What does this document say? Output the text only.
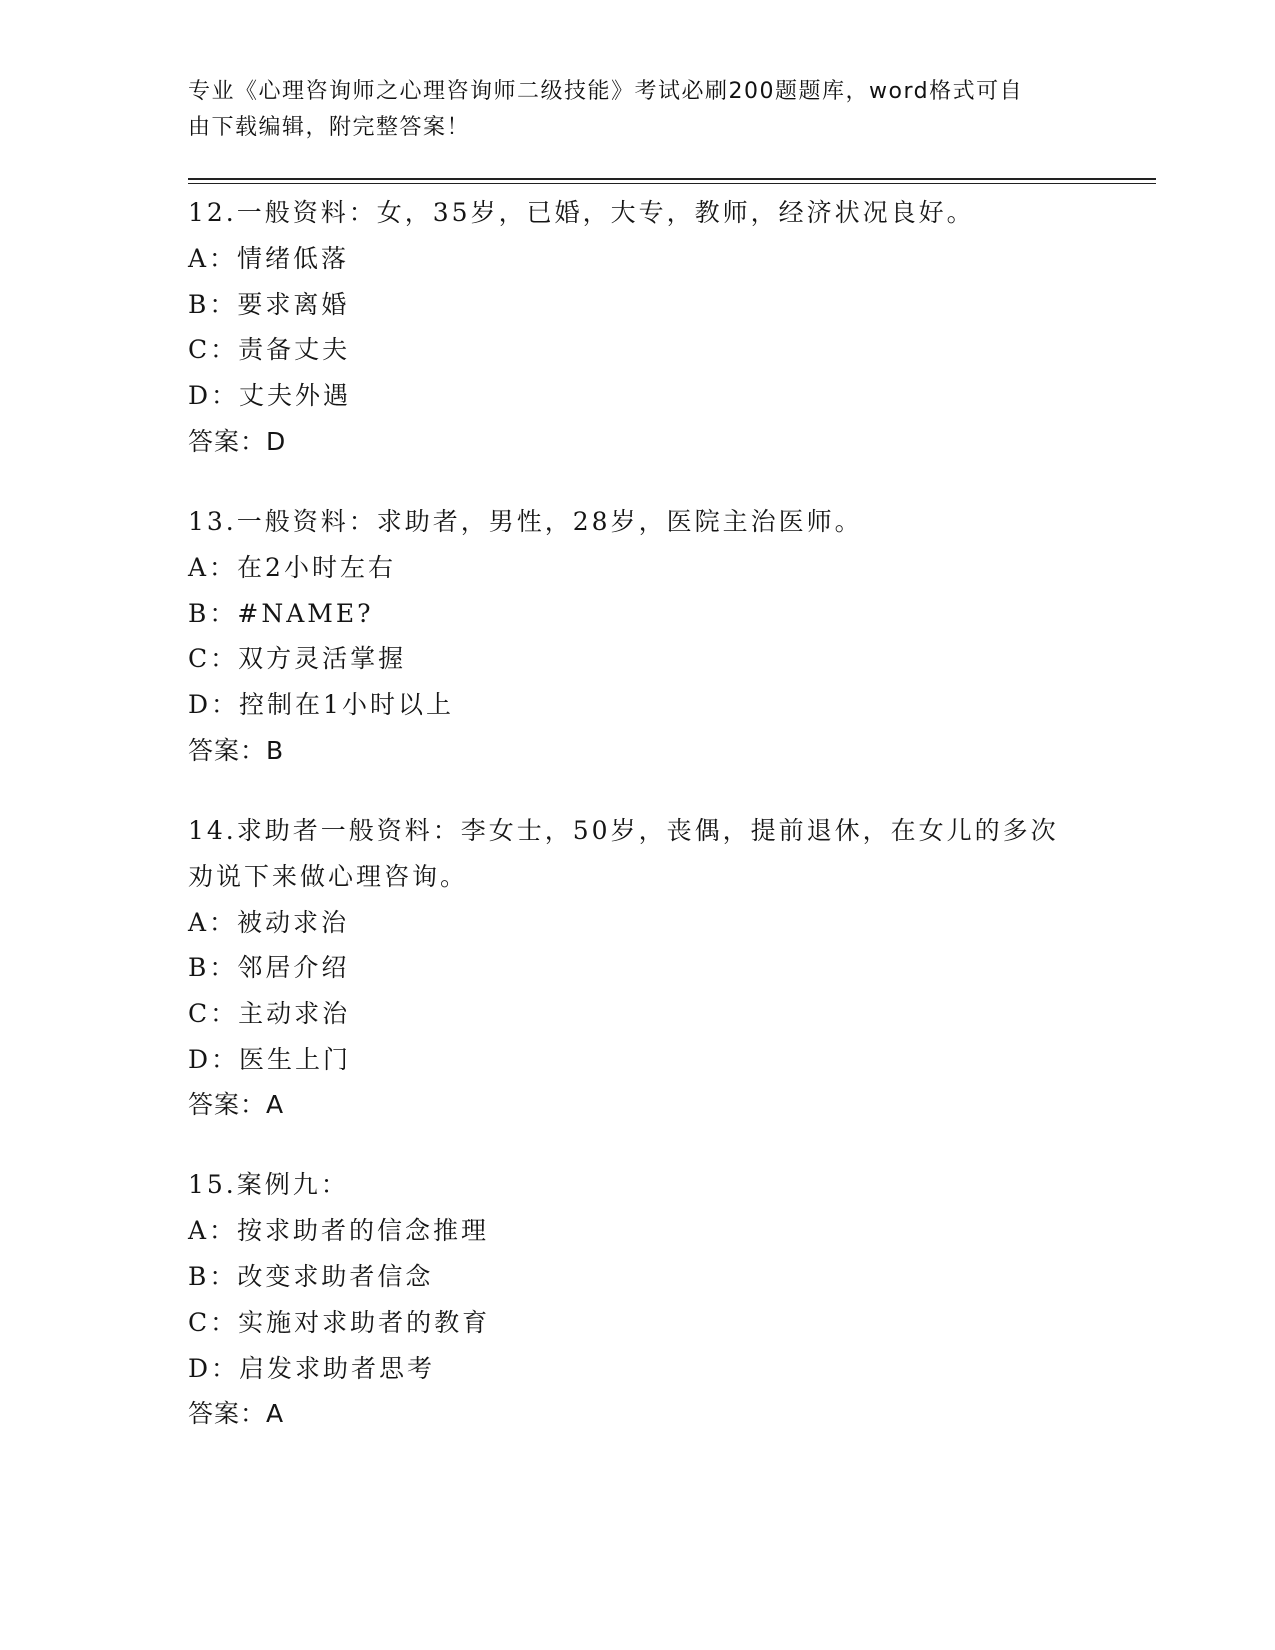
专业《心理咨询师之心理咨询师二级技能》考试必刷200题题库，word格式可自
由下载编辑，附完整答案！
12.一般资料：女，35岁，已婚，大专，教师，经济状况良好。
A：情绪低落
B：要求离婚
C：责备丈夫
D：丈夫外遇
答案：D
13.一般资料：求助者，男性，28岁，医院主治医师。
A：在2小时左右
B：#NAME?
C：双方灵活掌握
D：控制在1小时以上
答案：B
14.求助者一般资料：李女士，50岁，丧偶，提前退休，在女儿的多次
劝说下来做心理咨询。
A：被动求治
B：邻居介绍
C：主动求治
D：医生上门
答案：A
15.案例九：
A：按求助者的信念推理
B：改变求助者信念
C：实施对求助者的教育
D：启发求助者思考
答案：A
